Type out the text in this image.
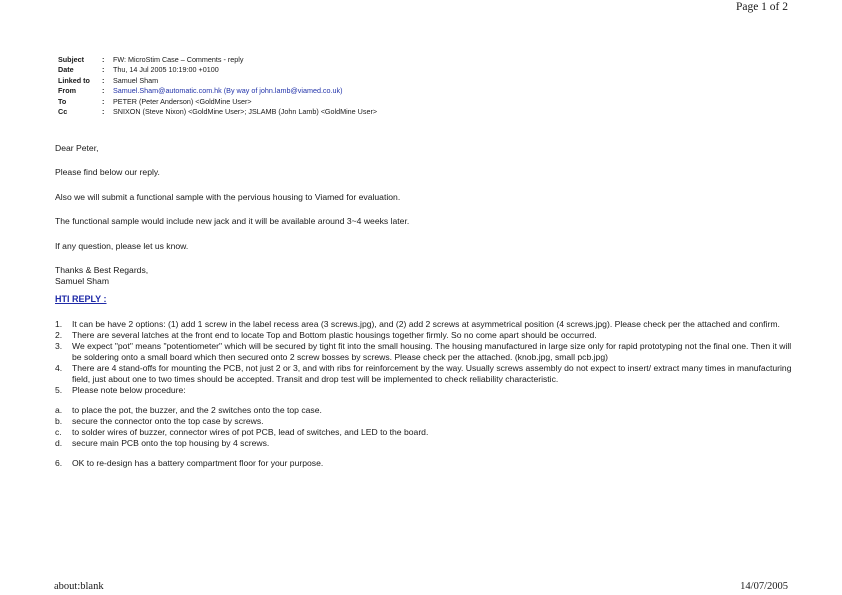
Page 1 of 2
Subject	: FW: MicroStim Case – Comments - reply
Date	: Thu, 14 Jul 2005 10:19:00 +0100
Linked to : Samuel Sham
From	: Samuel.Sham@automatic.com.hk (By way of john.lamb@viamed.co.uk)
To	: PETER (Peter Anderson) <GoldMine User>
Cc	: SNIXON (Steve Nixon) <GoldMine User>; JSLAMB (John Lamb) <GoldMine User>

Dear Peter,

Please find below our reply.

Also we will submit a functional sample with the pervious housing to Viamed for evaluation.

The functional sample would include new jack and it will be available around 3~4 weeks later.

If any question, please let us know.

Thanks & Best Regards,
Samuel Sham
HTI REPLY :
1. It can be have 2 options: (1) add 1 screw in the label recess area (3 screws.jpg), and (2) add 2 screws at asymmetrical position (4 screws.jpg). Please check per the attached and confirm.
2. There are several latches at the front end to locate Top and Bottom plastic housings together firmly. So no come apart should be occurred.
3. We expect "pot" means "potentiometer" which will be secured by tight fit into the small housing. The housing manufactured in large size only for rapid prototyping not the final one. Then it will be soldering onto a small board which then secured onto 2 screw bosses by screws. Please check per the attached. (knob.jpg, small pcb.jpg)
4. There are 4 stand-offs for mounting the PCB, not just 2 or 3, and with ribs for reinforcement by the way. Usually screws assembly do not expect to insert/ extract many times in manufacturing field, just about one to two times should be accepted. Transit and drop test will be implemented to check reliability characteristic.
5. Please note below procedure:
a. to place the pot, the buzzer, and the 2 switches onto the top case.
b. secure the connector onto the top case by screws.
c. to solder wires of buzzer, connector wires of pot PCB, lead of switches, and LED to the board.
d. secure main PCB onto the top housing by 4 screws.
6. OK to re-design has a battery compartment floor for your purpose.
about:blank	14/07/2005
